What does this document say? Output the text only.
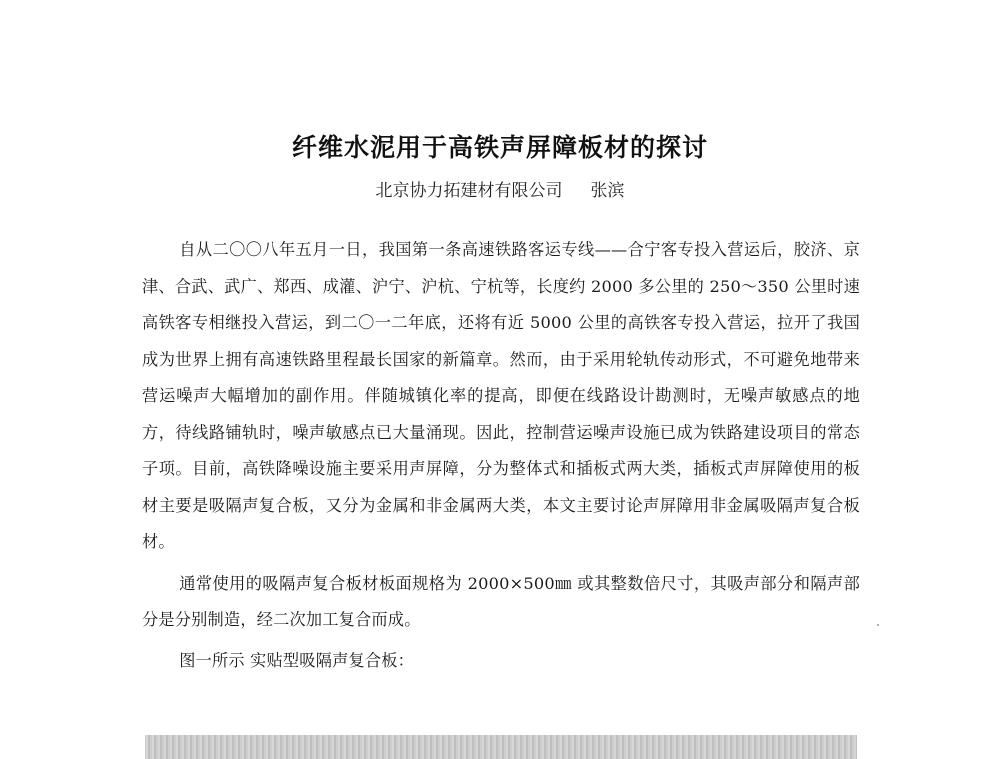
纤维水泥用于高铁声屏障板材的探讨
北京协力拓建材有限公司 张滨

自从二〇〇八年五月一日，我国第一条高速铁路客运专线——合宁客专投入营运后，胶济、京津、合武、武广、郑西、成灌、沪宁、沪杭、宁杭等，长度约 2000 多公里的 250～350 公里时速高铁客专相继投入营运，到二〇一二年底，还将有近 5000 公里的高铁客专投入营运，拉开了我国成为世界上拥有高速铁路里程最长国家的新篇章。然而，由于采用轮轨传动形式，不可避免地带来营运噪声大幅增加的副作用。伴随城镇化率的提高，即便在线路设计勘测时，无噪声敏感点的地方，待线路铺轨时，噪声敏感点已大量涌现。因此，控制营运噪声设施已成为铁路建设项目的常态子项。目前，高铁降噪设施主要采用声屏障，分为整体式和插板式两大类，插板式声屏障使用的板材主要是吸隔声复合板，又分为金属和非金属两大类，本文主要讨论声屏障用非金属吸隔声复合板材。

通常使用的吸隔声复合板材板面规格为 2000×500㎜ 或其整数倍尺寸，其吸声部分和隔声部分是分别制造，经二次加工复合而成。

图一所示 实贴型吸隔声复合板：
